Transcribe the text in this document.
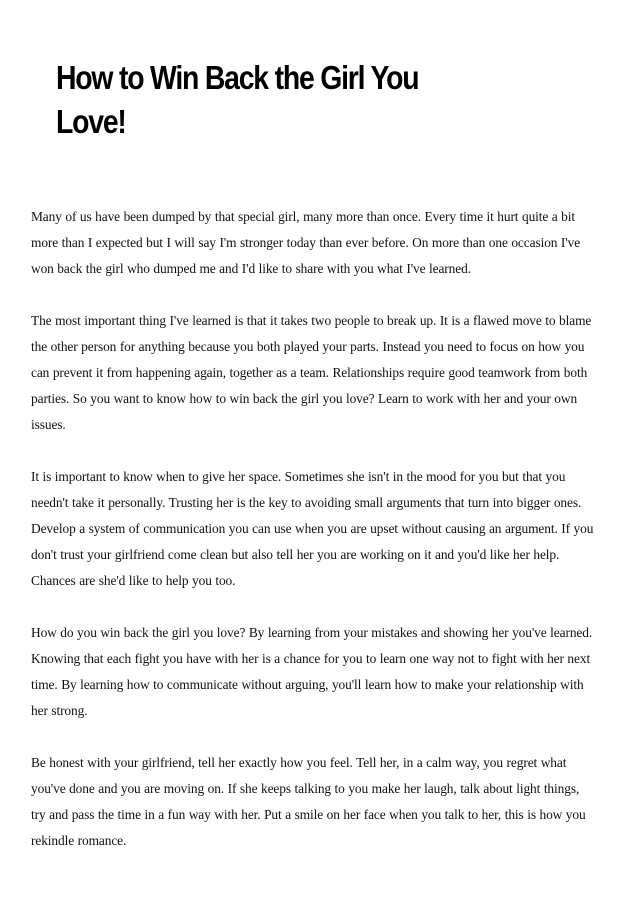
How to Win Back the Girl You Love!

Many of us have been dumped by that special girl, many more than once. Every time it hurt quite a bit more than I expected but I will say I'm stronger today than ever before. On more than one occasion I've won back the girl who dumped me and I'd like to share with you what I've learned.

The most important thing I've learned is that it takes two people to break up. It is a flawed move to blame the other person for anything because you both played your parts. Instead you need to focus on how you can prevent it from happening again, together as a team. Relationships require good teamwork from both parties. So you want to know how to win back the girl you love? Learn to work with her and your own issues.

It is important to know when to give her space. Sometimes she isn't in the mood for you but that you needn't take it personally. Trusting her is the key to avoiding small arguments that turn into bigger ones. Develop a system of communication you can use when you are upset without causing an argument. If you don't trust your girlfriend come clean but also tell her you are working on it and you'd like her help. Chances are she'd like to help you too.

How do you win back the girl you love? By learning from your mistakes and showing her you've learned. Knowing that each fight you have with her is a chance for you to learn one way not to fight with her next time. By learning how to communicate without arguing, you'll learn how to make your relationship with her strong.

Be honest with your girlfriend, tell her exactly how you feel. Tell her, in a calm way, you regret what you've done and you are moving on. If she keeps talking to you make her laugh, talk about light things, try and pass the time in a fun way with her. Put a smile on her face when you talk to her, this is how you rekindle romance.
